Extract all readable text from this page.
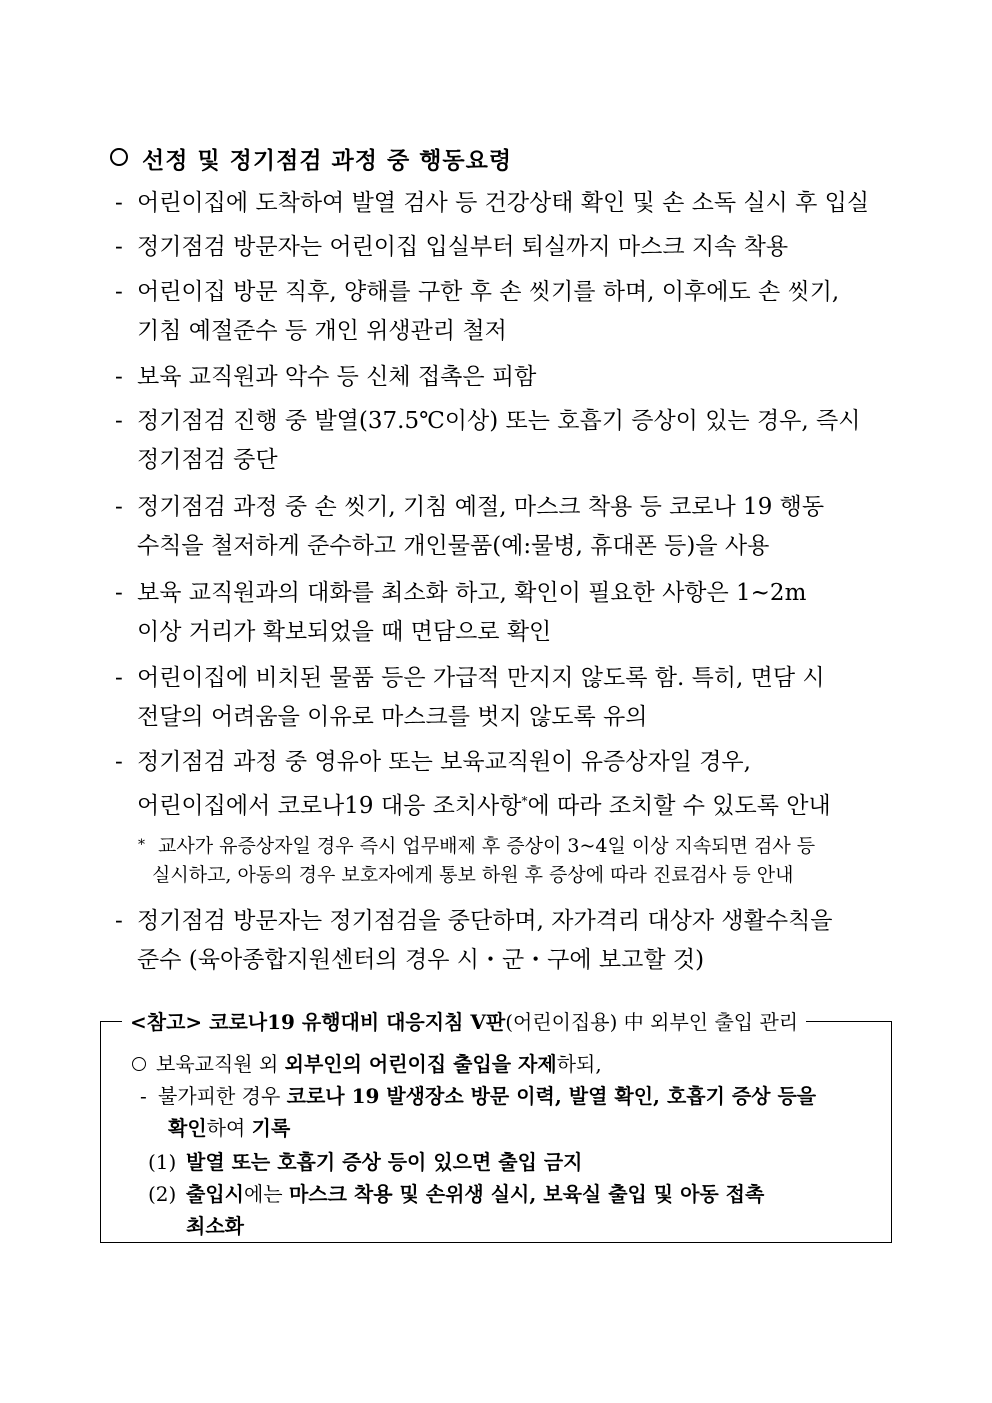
선정 및 정기점검 과정 중 행동요령
- 어린이집에 도착하여 발열 검사 등 건강상태 확인 및 손 소독 실시 후 입실
- 정기점검 방문자는 어린이집 입실부터 퇴실까지 마스크 지속 착용
- 어린이집 방문 직후, 양해를 구한 후 손 씻기를 하며, 이후에도 손 씻기,
기침 예절준수 등 개인 위생관리 철저
- 보육 교직원과 악수 등 신체 접촉은 피함
- 정기점검 진행 중 발열(37.5℃이상) 또는 호흡기 증상이 있는 경우, 즉시
정기점검 중단
- 정기점검 과정 중 손 씻기, 기침 예절, 마스크 착용 등 코로나 19 행동
수칙을 철저하게 준수하고 개인물품(예:물병, 휴대폰 등)을 사용
- 보육 교직원과의 대화를 최소화 하고, 확인이 필요한 사항은 1~2m
이상 거리가 확보되었을 때 면담으로 확인
- 어린이집에 비치된 물품 등은 가급적 만지지 않도록 함. 특히, 면담 시
전달의 어려움을 이유로 마스크를 벗지 않도록 유의
- 정기점검 과정 중 영유아 또는 보육교직원이 유증상자일 경우,
어린이집에서 코로나19 대응 조치사항*에 따라 조치할 수 있도록 안내
* 교사가 유증상자일 경우 즉시 업무배제 후 증상이 3~4일 이상 지속되면 검사 등
실시하고, 아동의 경우 보호자에게 통보 하원 후 증상에 따라 진료검사 등 안내
- 정기점검 방문자는 정기점검을 중단하며, 자가격리 대상자 생활수칙을
준수 (육아종합지원센터의 경우 시・군・구에 보고할 것)
<참고> 코로나19 유행대비 대응지침 V판(어린이집용) 中 외부인 출입 관리
보육교직원 외 외부인의 어린이집 출입을 자제하되,
- 불가피한 경우 코로나 19 발생장소 방문 이력, 발열 확인, 호흡기 증상 등을
확인하여 기록
(1) 발열 또는 호흡기 증상 등이 있으면 출입 금지
(2) 출입시에는 마스크 착용 및 손위생 실시, 보육실 출입 및 아동 접촉
최소화
